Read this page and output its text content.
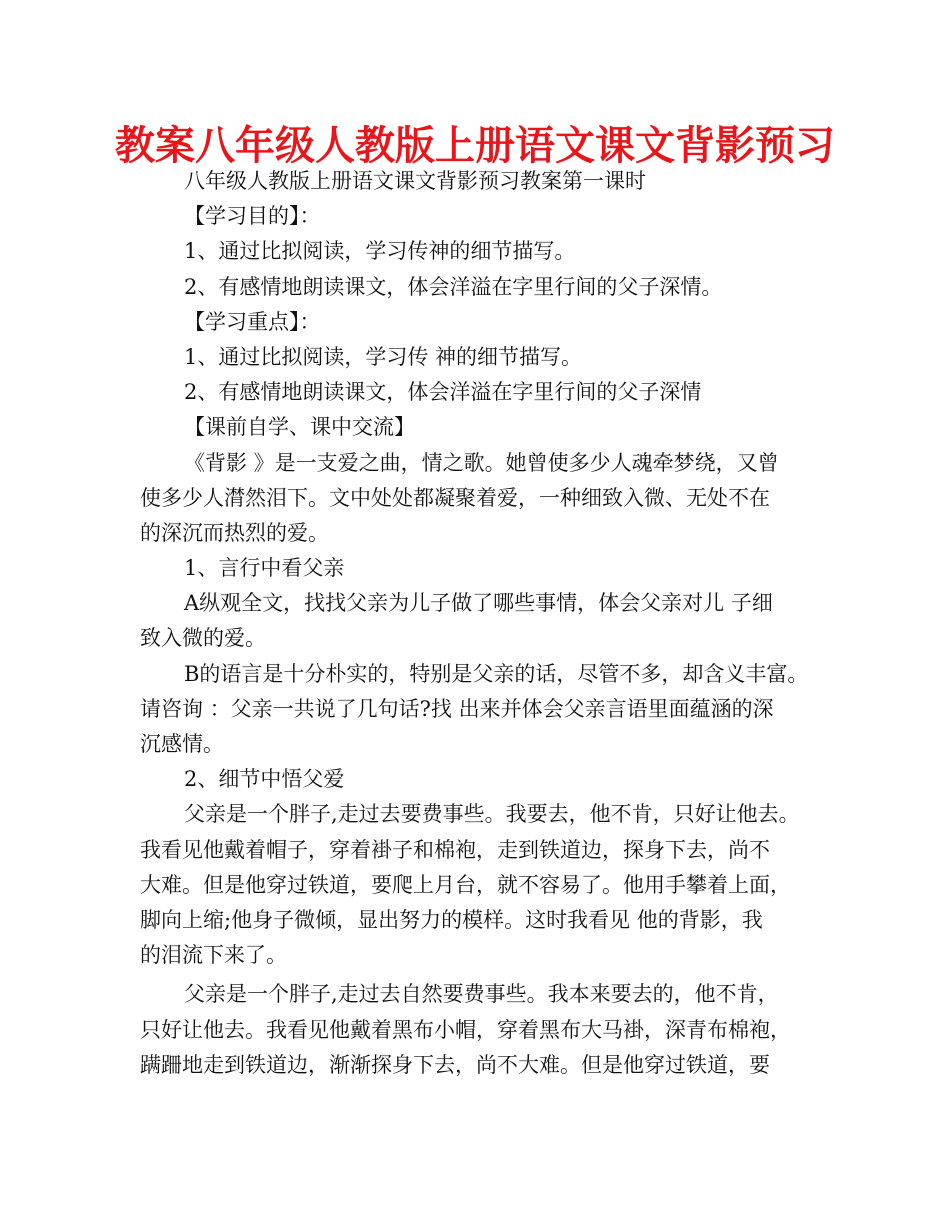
教案八年级人教版上册语文课文背影预习
八年级人教版上册语文课文背影预习教案第一课时
【学习目的】：
1、通过比拟阅读，学习传神的细节描写。
2、有感情地朗读课文，体会洋溢在字里行间的父子深情。
【学习重点】：
1、通过比拟阅读，学习传 神的细节描写。
2、有感情地朗读课文，体会洋溢在字里行间的父子深情
【课前自学、课中交流】
《背影 》是一支爱之曲，情之歌。她曾使多少人魂牵梦绕，又曾
使多少人潸然泪下。文中处处都凝聚着爱，一种细致入微、无处不在
的深沉而热烈的爱。
1、言行中看父亲
A纵观全文，找找父亲为儿子做了哪些事情，体会父亲对儿 子细
致入微的爱。
B的语言是十分朴实的，特别是父亲的话，尽管不多，却含义丰富。
请咨询 ：父亲一共说了几句话?找 出来并体会父亲言语里面蕴涵的深
沉感情。
2、细节中悟父爱
父亲是一个胖子,走过去要费事些。我要去，他不肯，只好让他去。
我看见他戴着帽子，穿着褂子和棉袍，走到铁道边，探身下去，尚不
大难。但是他穿过铁道，要爬上月台，就不容易了。他用手攀着上面，
脚向上缩;他身子微倾，显出努力的模样。这时我看见 他的背影，我
的泪流下来了。
父亲是一个胖子,走过去自然要费事些。我本来要去的，他不肯，
只好让他去。我看见他戴着黑布小帽，穿着黑布大马褂，深青布棉袍，
蹒跚地走到铁道边，渐渐探身下去，尚不大难。但是他穿过铁道，要
